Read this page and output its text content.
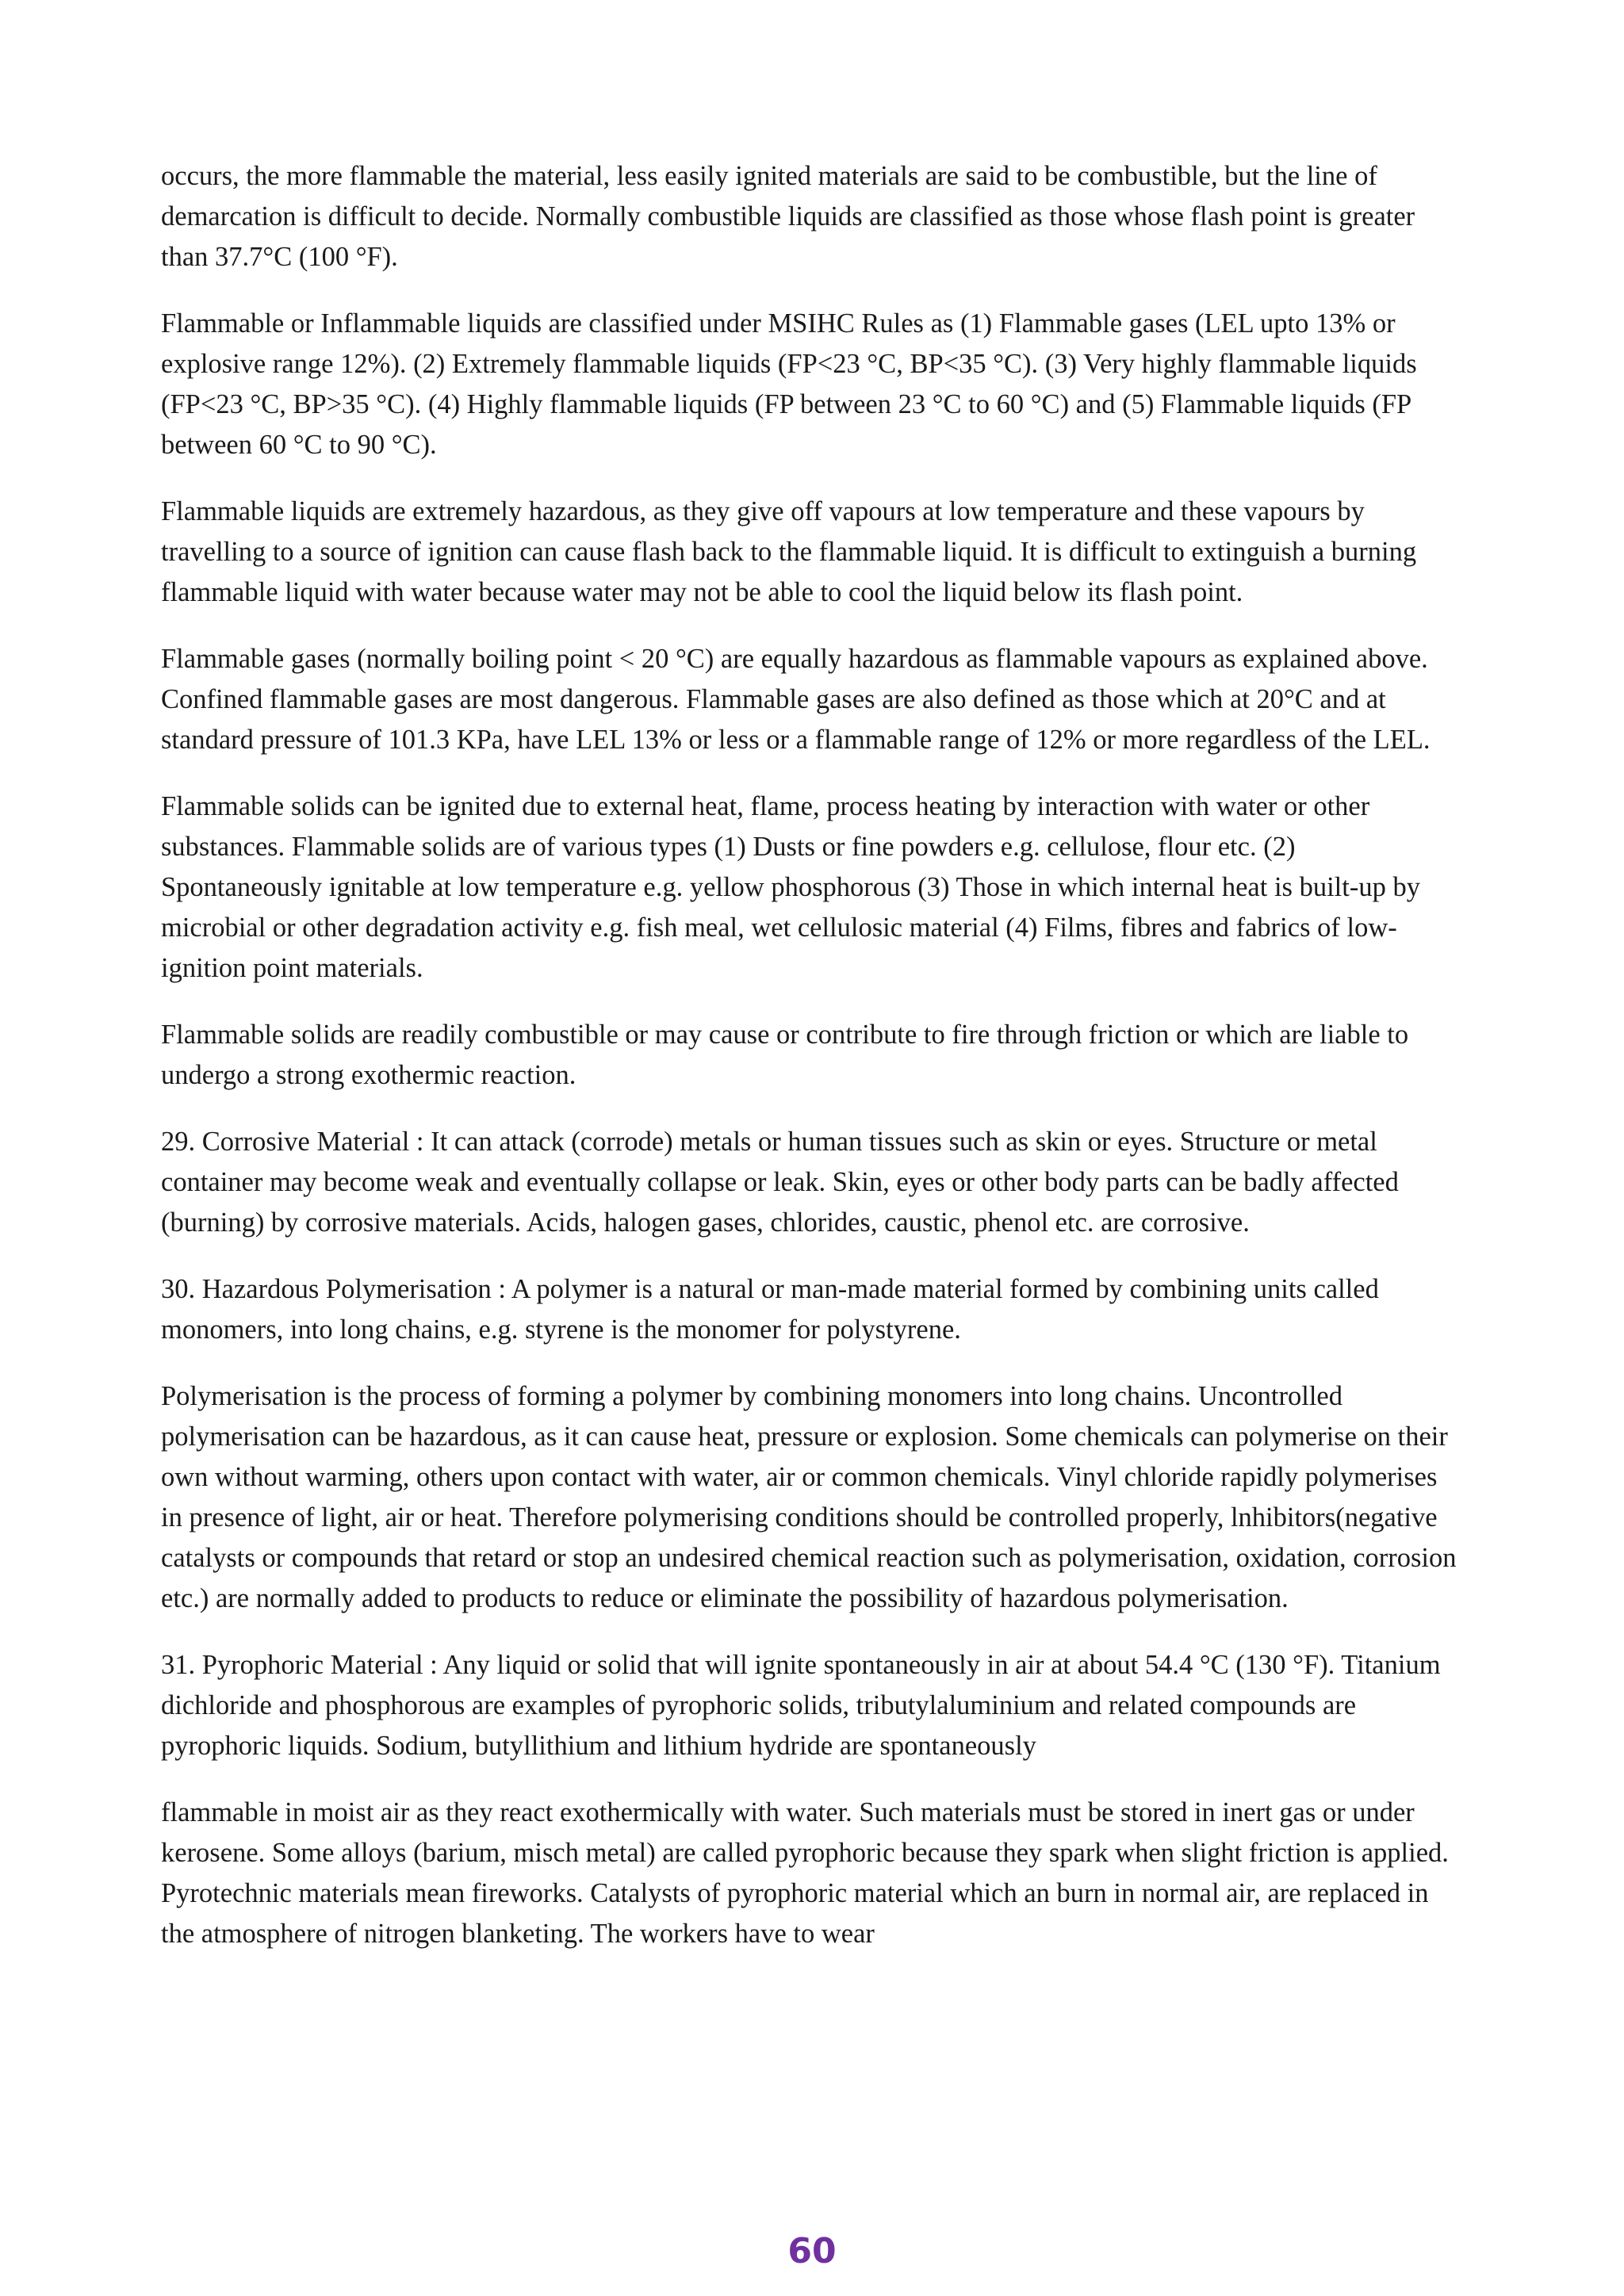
occurs, the more flammable the material, less easily ignited materials are said to be combustible, but the line of demarcation is difficult to decide. Normally combustible liquids are classified as those whose flash point is greater than 37.7°C (100 °F).

Flammable or Inflammable liquids are classified under MSIHC Rules as (1) Flammable gases (LEL upto 13% or explosive range 12%). (2) Extremely flammable liquids (FP<23 °C, BP<35 °C). (3) Very highly flammable liquids (FP<23 °C, BP>35 °C). (4) Highly flammable liquids (FP between 23 °C to 60 °C) and (5) Flammable liquids (FP between 60 °C to 90 °C).

Flammable liquids are extremely hazardous, as they give off vapours at low temperature and these vapours by travelling to a source of ignition can cause flash back to the flammable liquid. It is difficult to extinguish a burning flammable liquid with water because water may not be able to cool the liquid below its flash point.

Flammable gases (normally boiling point < 20 °C) are equally hazardous as flammable vapours as explained above. Confined flammable gases are most dangerous. Flammable gases are also defined as those which at 20°C and at standard pressure of 101.3 KPa, have LEL 13% or less or a flammable range of 12% or more regardless of the LEL.

Flammable solids can be ignited due to external heat, flame, process heating by interaction with water or other substances. Flammable solids are of various types (1) Dusts or fine powders e.g. cellulose, flour etc. (2) Spontaneously ignitable at low temperature e.g. yellow phosphorous (3) Those in which internal heat is built-up by microbial or other degradation activity e.g. fish meal, wet cellulosic material (4) Films, fibres and fabrics of low-ignition point materials.

Flammable solids are readily combustible or may cause or contribute to fire through friction or which are liable to undergo a strong exothermic reaction.

29. Corrosive Material : It can attack (corrode) metals or human tissues such as skin or eyes. Structure or metal container may become weak and eventually collapse or leak. Skin, eyes or other body parts can be badly affected (burning) by corrosive materials. Acids, halogen gases, chlorides, caustic, phenol etc. are corrosive.

30. Hazardous Polymerisation : A polymer is a natural or man-made material formed by combining units called monomers, into long chains, e.g. styrene is the monomer for polystyrene.

Polymerisation is the process of forming a polymer by combining monomers into long chains. Uncontrolled polymerisation can be hazardous, as it can cause heat, pressure or explosion. Some chemicals can polymerise on their own without warming, others upon contact with water, air or common chemicals. Vinyl chloride rapidly polymerises in presence of light, air or heat. Therefore polymerising conditions should be controlled properly, lnhibitors(negative catalysts or compounds that retard or stop an undesired chemical reaction such as polymerisation, oxidation, corrosion etc.) are normally added to products to reduce or eliminate the possibility of hazardous polymerisation.

31. Pyrophoric Material : Any liquid or solid that will ignite spontaneously in air at about 54.4 °C (130 °F). Titanium dichloride and phosphorous are examples of pyrophoric solids, tributylaluminium and related compounds are pyrophoric liquids. Sodium, butyllithium and lithium hydride are spontaneously

flammable in moist air as they react exothermically with water. Such materials must be stored in inert gas or under kerosene. Some alloys (barium, misch metal) are called pyrophoric because they spark when slight friction is applied. Pyrotechnic materials mean fireworks. Catalysts of pyrophoric material which an burn in normal air, are replaced in the atmosphere of nitrogen blanketing. The workers have to wear

60
